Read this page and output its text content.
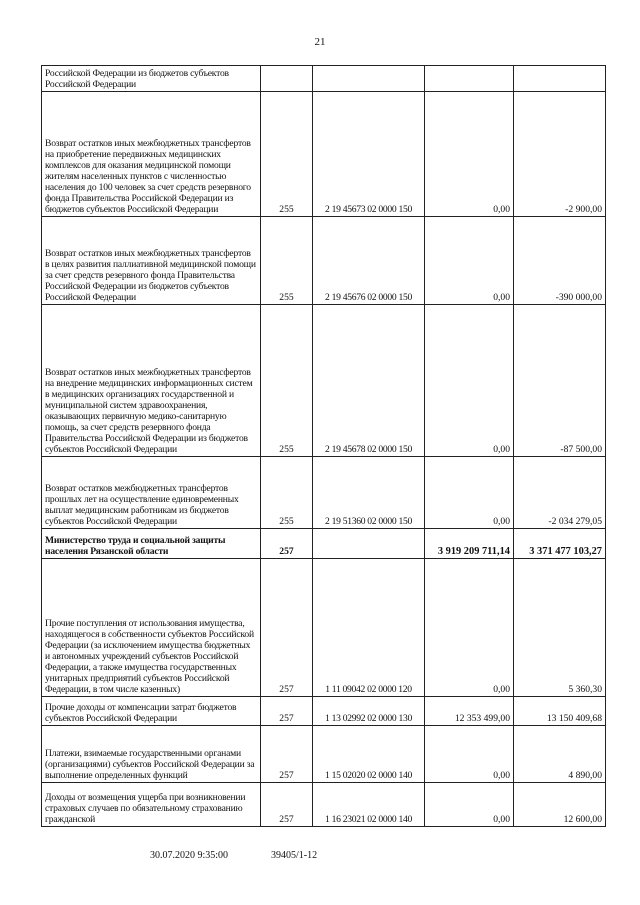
21
Российской Федерации из бюджетов субъектов Российской Федерации				
Возврат остатков иных межбюджетных трансфертов на приобретение передвижных медицинских комплексов для оказания медицинской помощи жителям населенных пунктов с численностью населения до 100 человек за счет средств резервного фонда Правительства Российской Федерации из бюджетов субъектов Российской Федерации	255	2 19 45673 02 0000 150	0,00	-2 900,00
Возврат остатков иных межбюджетных трансфертов в целях развития паллиативной медицинской помощи за счет средств резервного фонда Правительства Российской Федерации из бюджетов субъектов Российской Федерации	255	2 19 45676 02 0000 150	0,00	-390 000,00
Возврат остатков иных межбюджетных трансфертов на внедрение медицинских информационных систем в медицинских организациях государственной и муниципальной систем здравоохранения, оказывающих первичную медико-санитарную помощь, за счет средств резервного фонда Правительства Российской Федерации из бюджетов субъектов Российской Федерации	255	2 19 45678 02 0000 150	0,00	-87 500,00
Возврат остатков межбюджетных трансфертов прошлых лет на осуществление единовременных выплат медицинским работникам из бюджетов субъектов Российской Федерации	255	2 19 51360 02 0000 150	0,00	-2 034 279,05
Министерство труда и социальной защиты населения Рязанской области	257		3 919 209 711,14	3 371 477 103,27
Прочие поступления от использования имущества, находящегося в собственности субъектов Российской Федерации (за исключением имущества бюджетных и автономных учреждений субъектов Российской Федерации, а также имущества государственных унитарных предприятий субъектов Российской Федерации, в том числе казенных)	257	1 11 09042 02 0000 120	0,00	5 360,30
Прочие доходы от компенсации затрат бюджетов субъектов Российской Федерации	257	1 13 02992 02 0000 130	12 353 499,00	13 150 409,68
Платежи, взимаемые государственными органами (организациями) субъектов Российской Федерации за выполнение определенных функций	257	1 15 02020 02 0000 140	0,00	4 890,00
Доходы от возмещения ущерба при возникновении страховых случаев по обязательному страхованию гражданской	257	1 16 23021 02 0000 140	0,00	12 600,00
30.07.2020 9:35:00	39405/1-12
